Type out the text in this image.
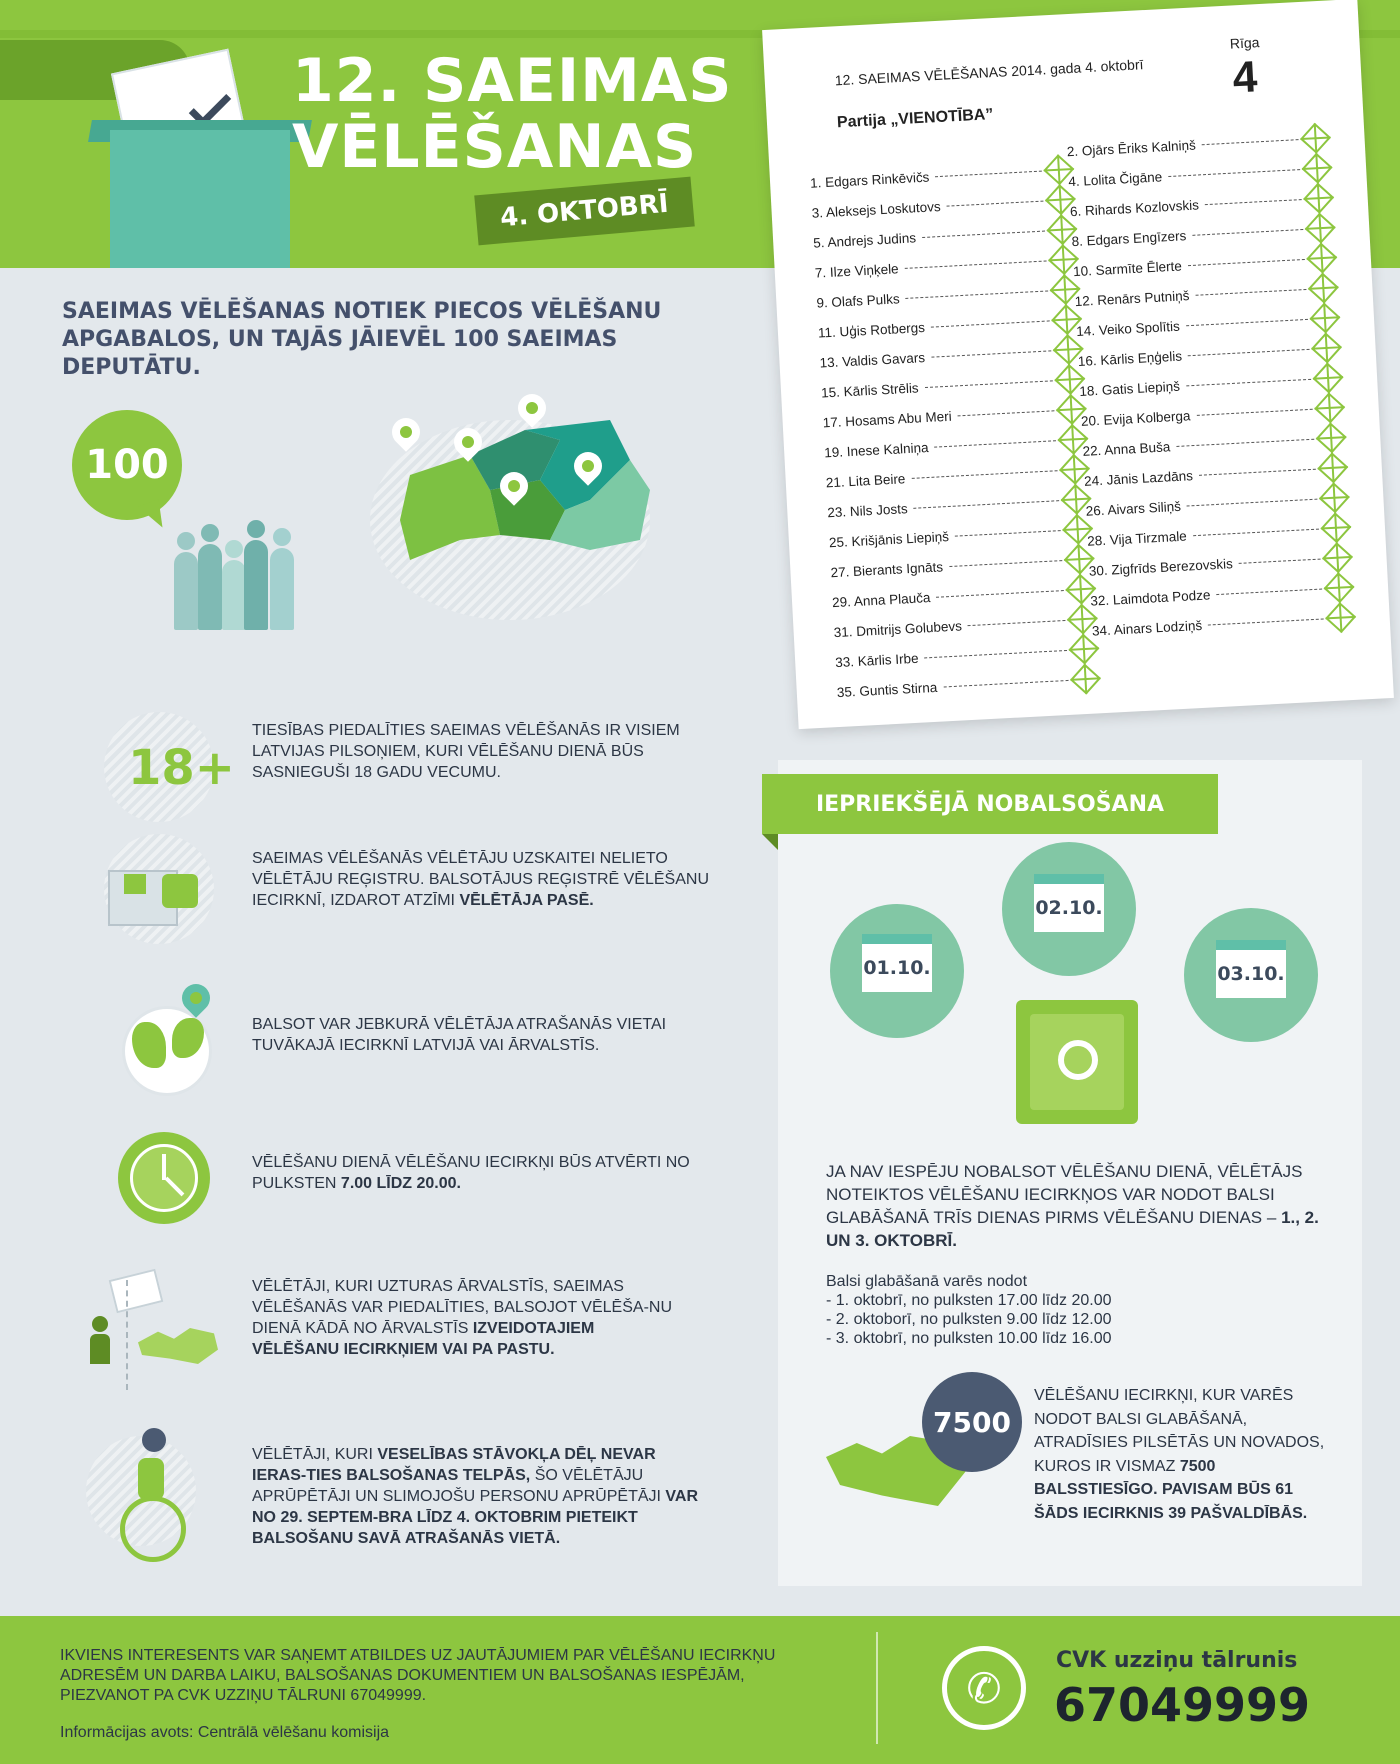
12. SAEIMAS
VĒLĒŠANAS
4. OKTOBRĪ
12. SAEIMAS VĒLĒŠANAS 2014. gada 4. oktobrī
Rīga
4
Partija „VIENOTĪBA”
1. Edgars Rinkēvičs
3. Aleksejs Loskutovs
5. Andrejs Judins
7. Ilze Viņķele
9. Olafs Pulks
11. Uģis Rotbergs
13. Valdis Gavars
15. Kārlis Strēlis
17. Hosams Abu Meri
19. Inese Kalniņa
21. Lita Beire
23. Nils Josts
25. Krišjānis Liepiņš
27. Bierants Ignāts
29. Anna Plauča
31. Dmitrijs Golubevs
33. Kārlis Irbe
35. Guntis Stirna
2. Ojārs Ēriks Kalniņš
4. Lolita Čigāne
6. Rihards Kozlovskis
8. Edgars Engīzers
10. Sarmīte Ēlerte
12. Renārs Putniņš
14. Veiko Spolītis
16. Kārlis Eņģelis
18. Gatis Liepiņš
20. Evija Kolberga
22. Anna Buša
24. Jānis Lazdāns
26. Aivars Siliņš
28. Vija Tirzmale
30. Zigfrīds Berezovskis
32. Laimdota Podze
34. Ainars Lodziņš
SAEIMAS VĒLĒŠANAS NOTIEK PIECOS VĒLĒŠANU APGABALOS, UN TAJĀS JĀIEVĒL 100 SAEIMAS DEPUTĀTU.
100
18+
TIESĪBAS PIEDALĪTIES SAEIMAS VĒLĒŠANĀS IR VISIEM LATVIJAS PILSOŅIEM, KURI VĒLĒŠANU DIENĀ BŪS SASNIEGUŠI 18 GADU VECUMU.
SAEIMAS VĒLĒŠANĀS VĒLĒTĀJU UZSKAITEI NELIETO VĒLĒTĀJU REĢISTRU. BALSOTĀJUS REĢISTRĒ VĒLĒŠANU IECIRKNĪ, IZDAROT ATZĪMI VĒLĒTĀJA PASĒ.
BALSOT VAR JEBKURĀ VĒLĒTĀJA ATRAŠANĀS VIETAI TUVĀKAJĀ IECIRKNĪ LATVIJĀ VAI ĀRVALSTĪS.
VĒLĒŠANU DIENĀ VĒLĒŠANU IECIRKŅI BŪS ATVĒRTI NO PULKSTEN 7.00 LĪDZ 20.00.
VĒLĒTĀJI, KURI UZTURAS ĀRVALSTĪS, SAEIMAS VĒLĒŠANĀS VAR PIEDALĪTIES, BALSOJOT VĒLĒŠA-NU DIENĀ KĀDĀ NO ĀRVALSTĪS IZVEIDOTAJIEM VĒLĒŠANU IECIRKŅIEM VAI PA PASTU.
VĒLĒTĀJI, KURI VESELĪBAS STĀVOKĻA DĒĻ NEVAR IERAS-TIES BALSOŠANAS TELPĀS, ŠO VĒLĒTĀJU APRŪPĒTĀJI UN SLIMOJOŠU PERSONU APRŪPĒTĀJI VAR NO 29. SEPTEM-BRA LĪDZ 4. OKTOBRIM PIETEIKT BALSOŠANU SAVĀ ATRAŠANĀS VIETĀ.
IEPRIEKŠĒJĀ NOBALSOŠANA
01.10.
02.10.
03.10.
JA NAV IESPĒJU NOBALSOT VĒLĒŠANU DIENĀ, VĒLĒTĀJS NOTEIKTOS VĒLĒŠANU IECIRKŅOS VAR NODOT BALSI GLABĀŠANĀ TRĪS DIENAS PIRMS VĒLĒŠANU DIENAS – 1., 2. UN 3. OKTOBRĪ.
Balsi glabāšanā varēs nodot
- 1. oktobrī, no pulksten 17.00 līdz 20.00
- 2. oktoborī, no pulksten 9.00 līdz 12.00
- 3. oktobrī, no pulksten 10.00 līdz 16.00
7500
VĒLĒŠANU IECIRKŅI, KUR VARĒS NODOT BALSI GLABĀŠANĀ, ATRADĪSIES PILSĒTĀS UN NOVADOS, KUROS IR VISMAZ 7500 BALSSTIESĪGO. PAVISAM BŪS 61 ŠĀDS IECIRKNIS 39 PAŠVALDĪBĀS.
IKVIENS INTERESENTS VAR SAŅEMT ATBILDES UZ JAUTĀJUMIEM PAR VĒLĒŠANU IECIRKŅU ADRESĒM UN DARBA LAIKU, BALSOŠANAS DOKUMENTIEM UN BALSOŠANAS IESPĒJĀM, PIEZVANOT PA CVK UZZIŅU TĀLRUNI 67049999.
Informācijas avots: Centrālā vēlēšanu komisija
✆
CVK uzziņu tālrunis
67049999
